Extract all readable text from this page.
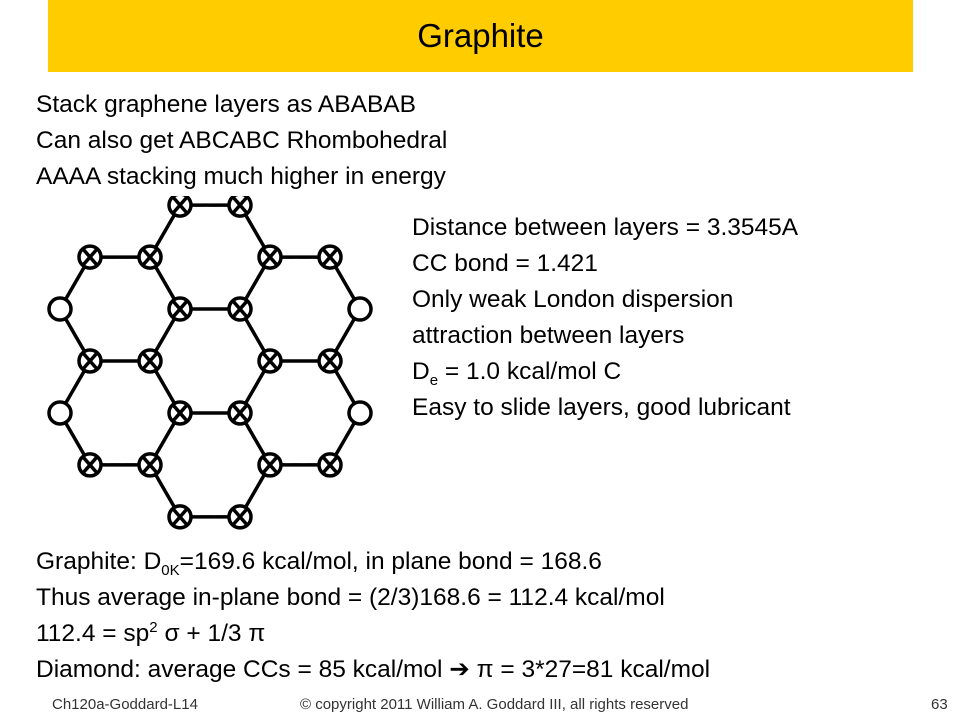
Graphite
Stack graphene layers as ABABAB
Can also get ABCABC Rhombohedral
AAAA stacking much higher in energy
Distance between layers = 3.3545A
CC bond = 1.421
Only weak London dispersion
attraction between layers
$D_e = 1.0$ kcal/mol C
Easy to slide layers, good lubricant
Graphite: $D_{0K}=169.6$ kcal/mol, in plane bond = 168.6
Thus average in-plane bond = (2/3)168.6 = 112.4 kcal/mol
$112.4 = sp^2$ σ + 1/3 π
Diamond: average CCs = 85 kcal/mol ➔ π = 3*27=81 kcal/mol
Ch120a-Goddard-L14	© copyright 2011 William A. Goddard III, all rights reserved	63
